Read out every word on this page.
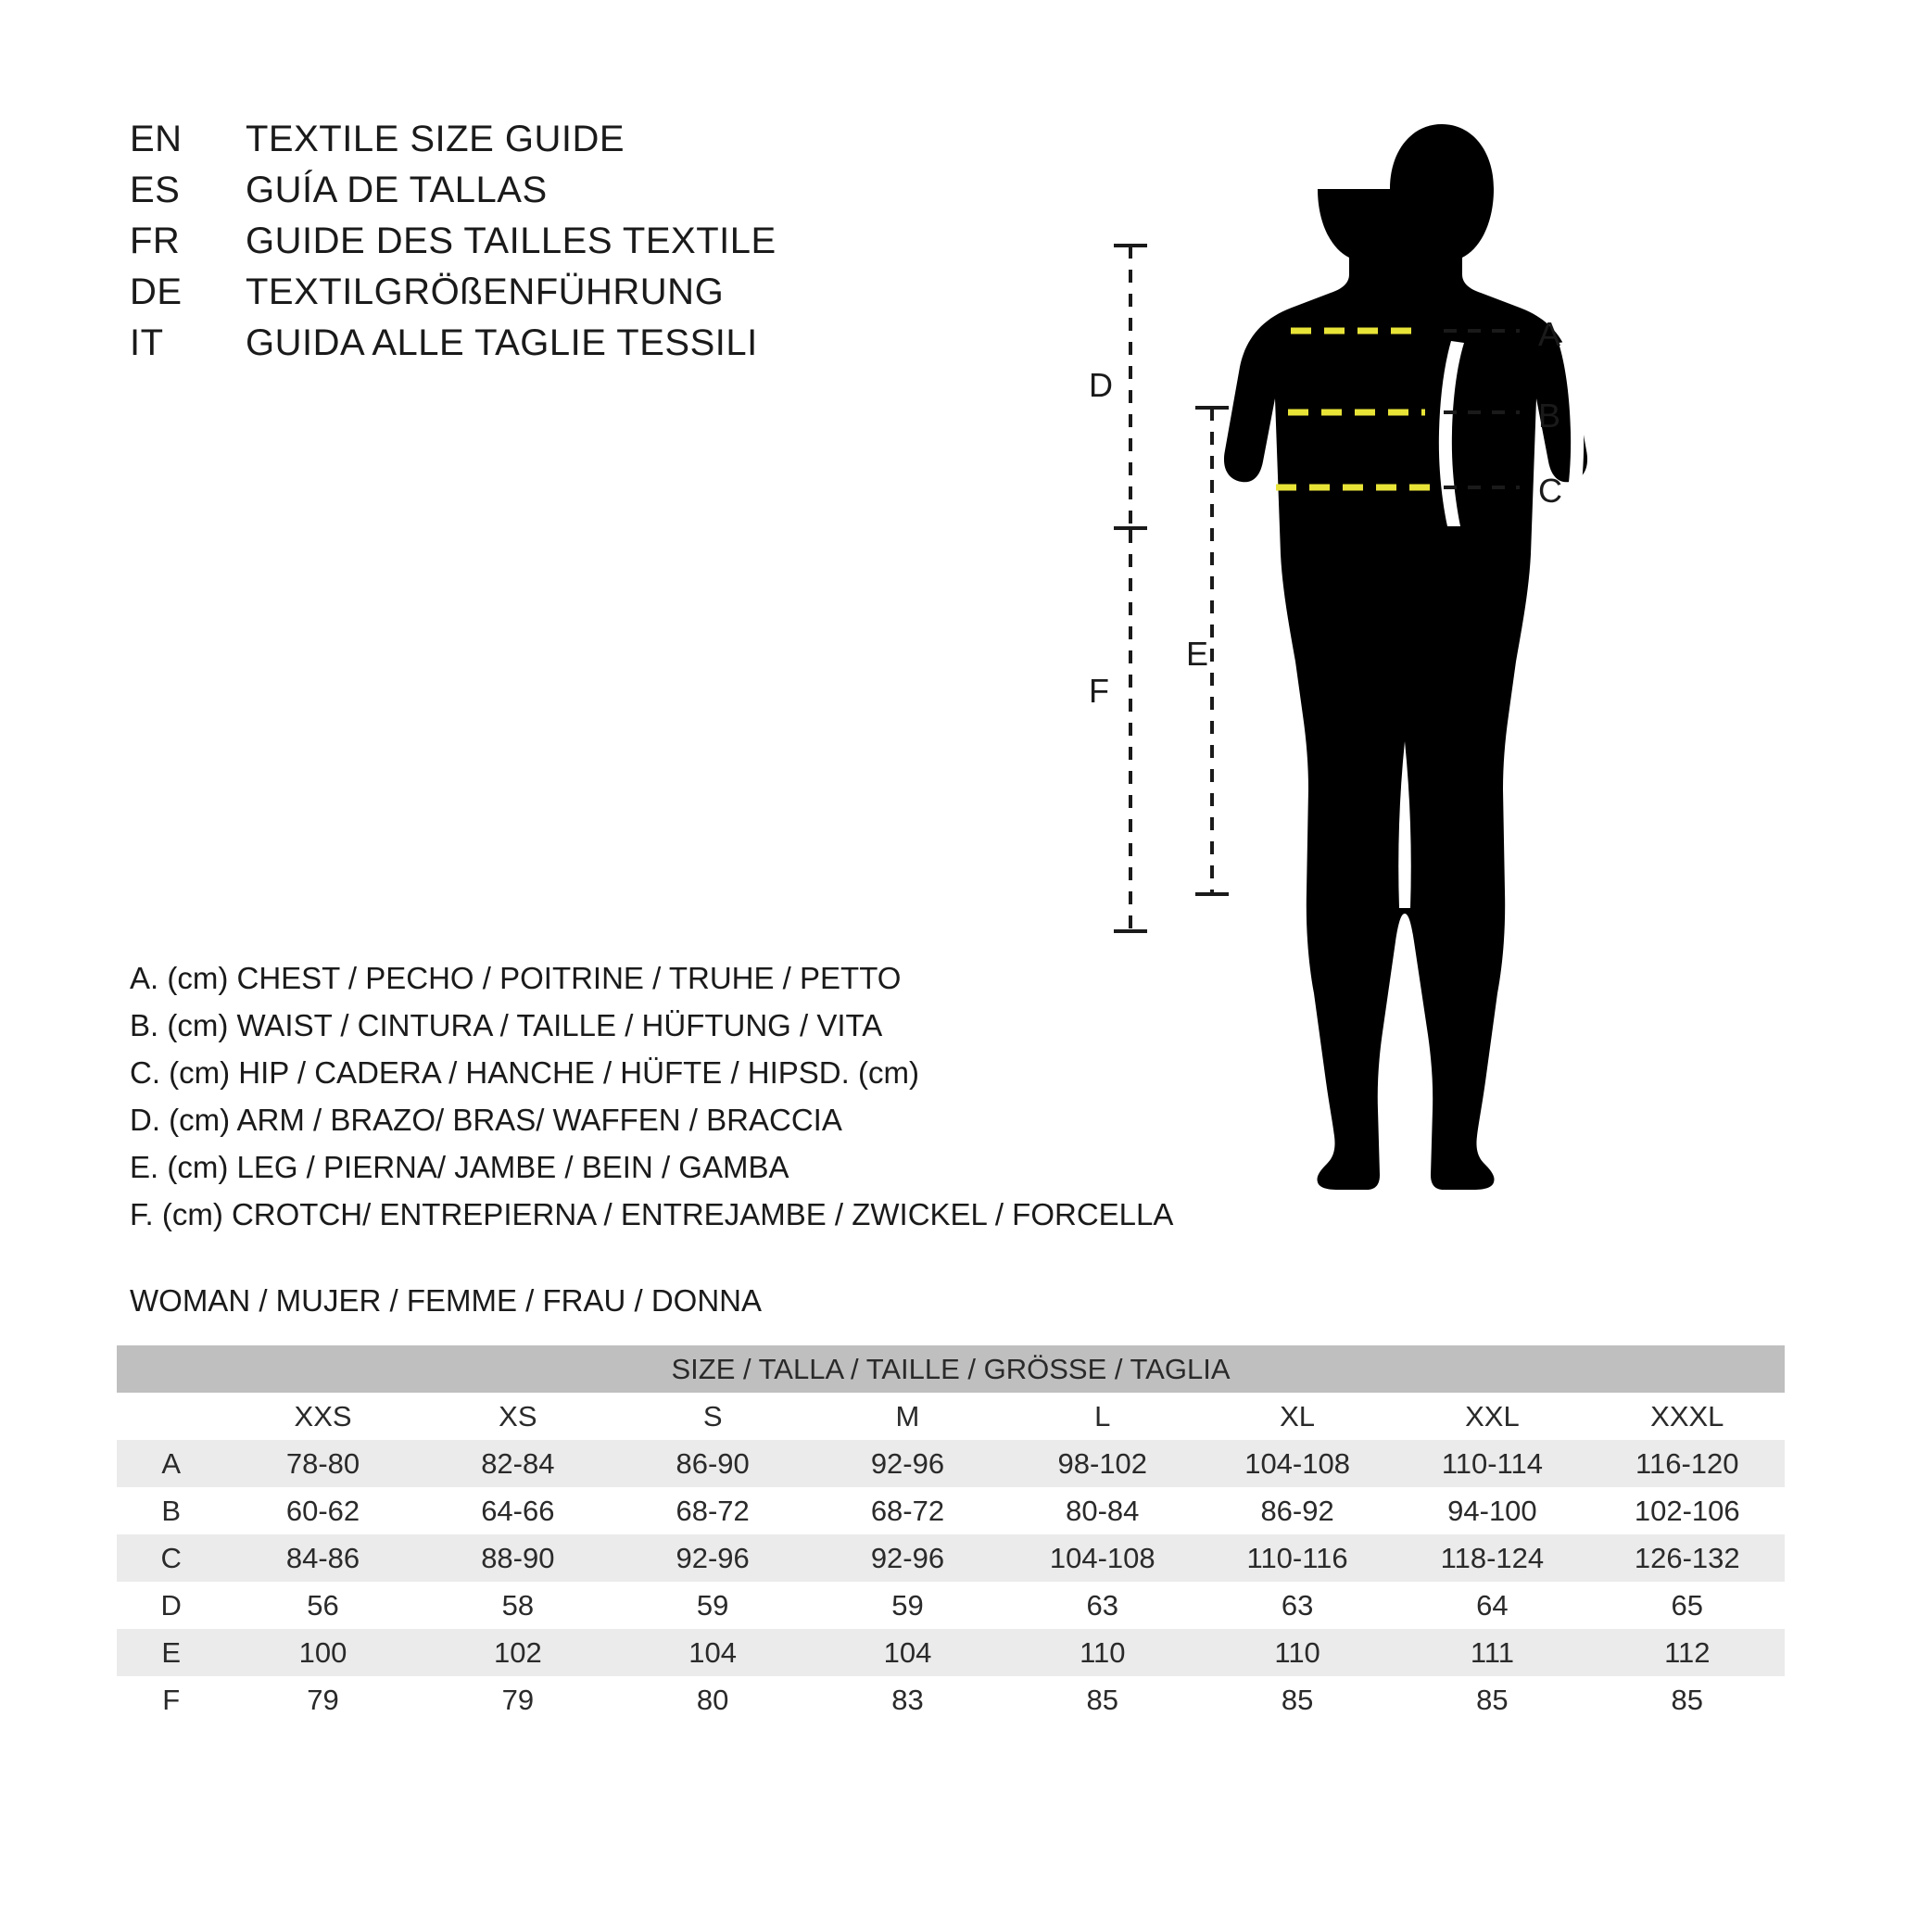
EN	TEXTILE SIZE GUIDE
ES	GUÍA DE TALLAS
FR	GUIDE DES TAILLES TEXTILE
DE	TEXTILGRÖßENFÜHRUNG
IT	GUIDA ALLE TAGLIE TESSILI
A. (cm) CHEST / PECHO / POITRINE / TRUHE / PETTO
B. (cm) WAIST / CINTURA / TAILLE / HÜFTUNG / VITA
C. (cm) HIP / CADERA / HANCHE / HÜFTE / HIPSD. (cm)
D. (cm) ARM / BRAZO/ BRAS/ WAFFEN / BRACCIA
E. (cm) LEG / PIERNA/ JAMBE / BEIN / GAMBA
F. (cm) CROTCH/ ENTREPIERNA / ENTREJAMBE / ZWICKEL / FORCELLA
WOMAN / MUJER / FEMME / FRAU / DONNA
SIZE / TALLA / TAILLE / GRÖSSE / TAGLIA								
	XXS	XS	S	M	L	XL	XXL	XXXL
A	78-80	82-84	86-90	92-96	98-102	104-108	110-114	116-120
B	60-62	64-66	68-72	68-72	80-84	86-92	94-100	102-106
C	84-86	88-90	92-96	92-96	104-108	110-116	118-124	126-132
D	56	58	59	59	63	63	64	65
E	100	102	104	104	110	110	111	112
F	79	79	80	83	85	85	85	85
D
F
E
A
B
C
